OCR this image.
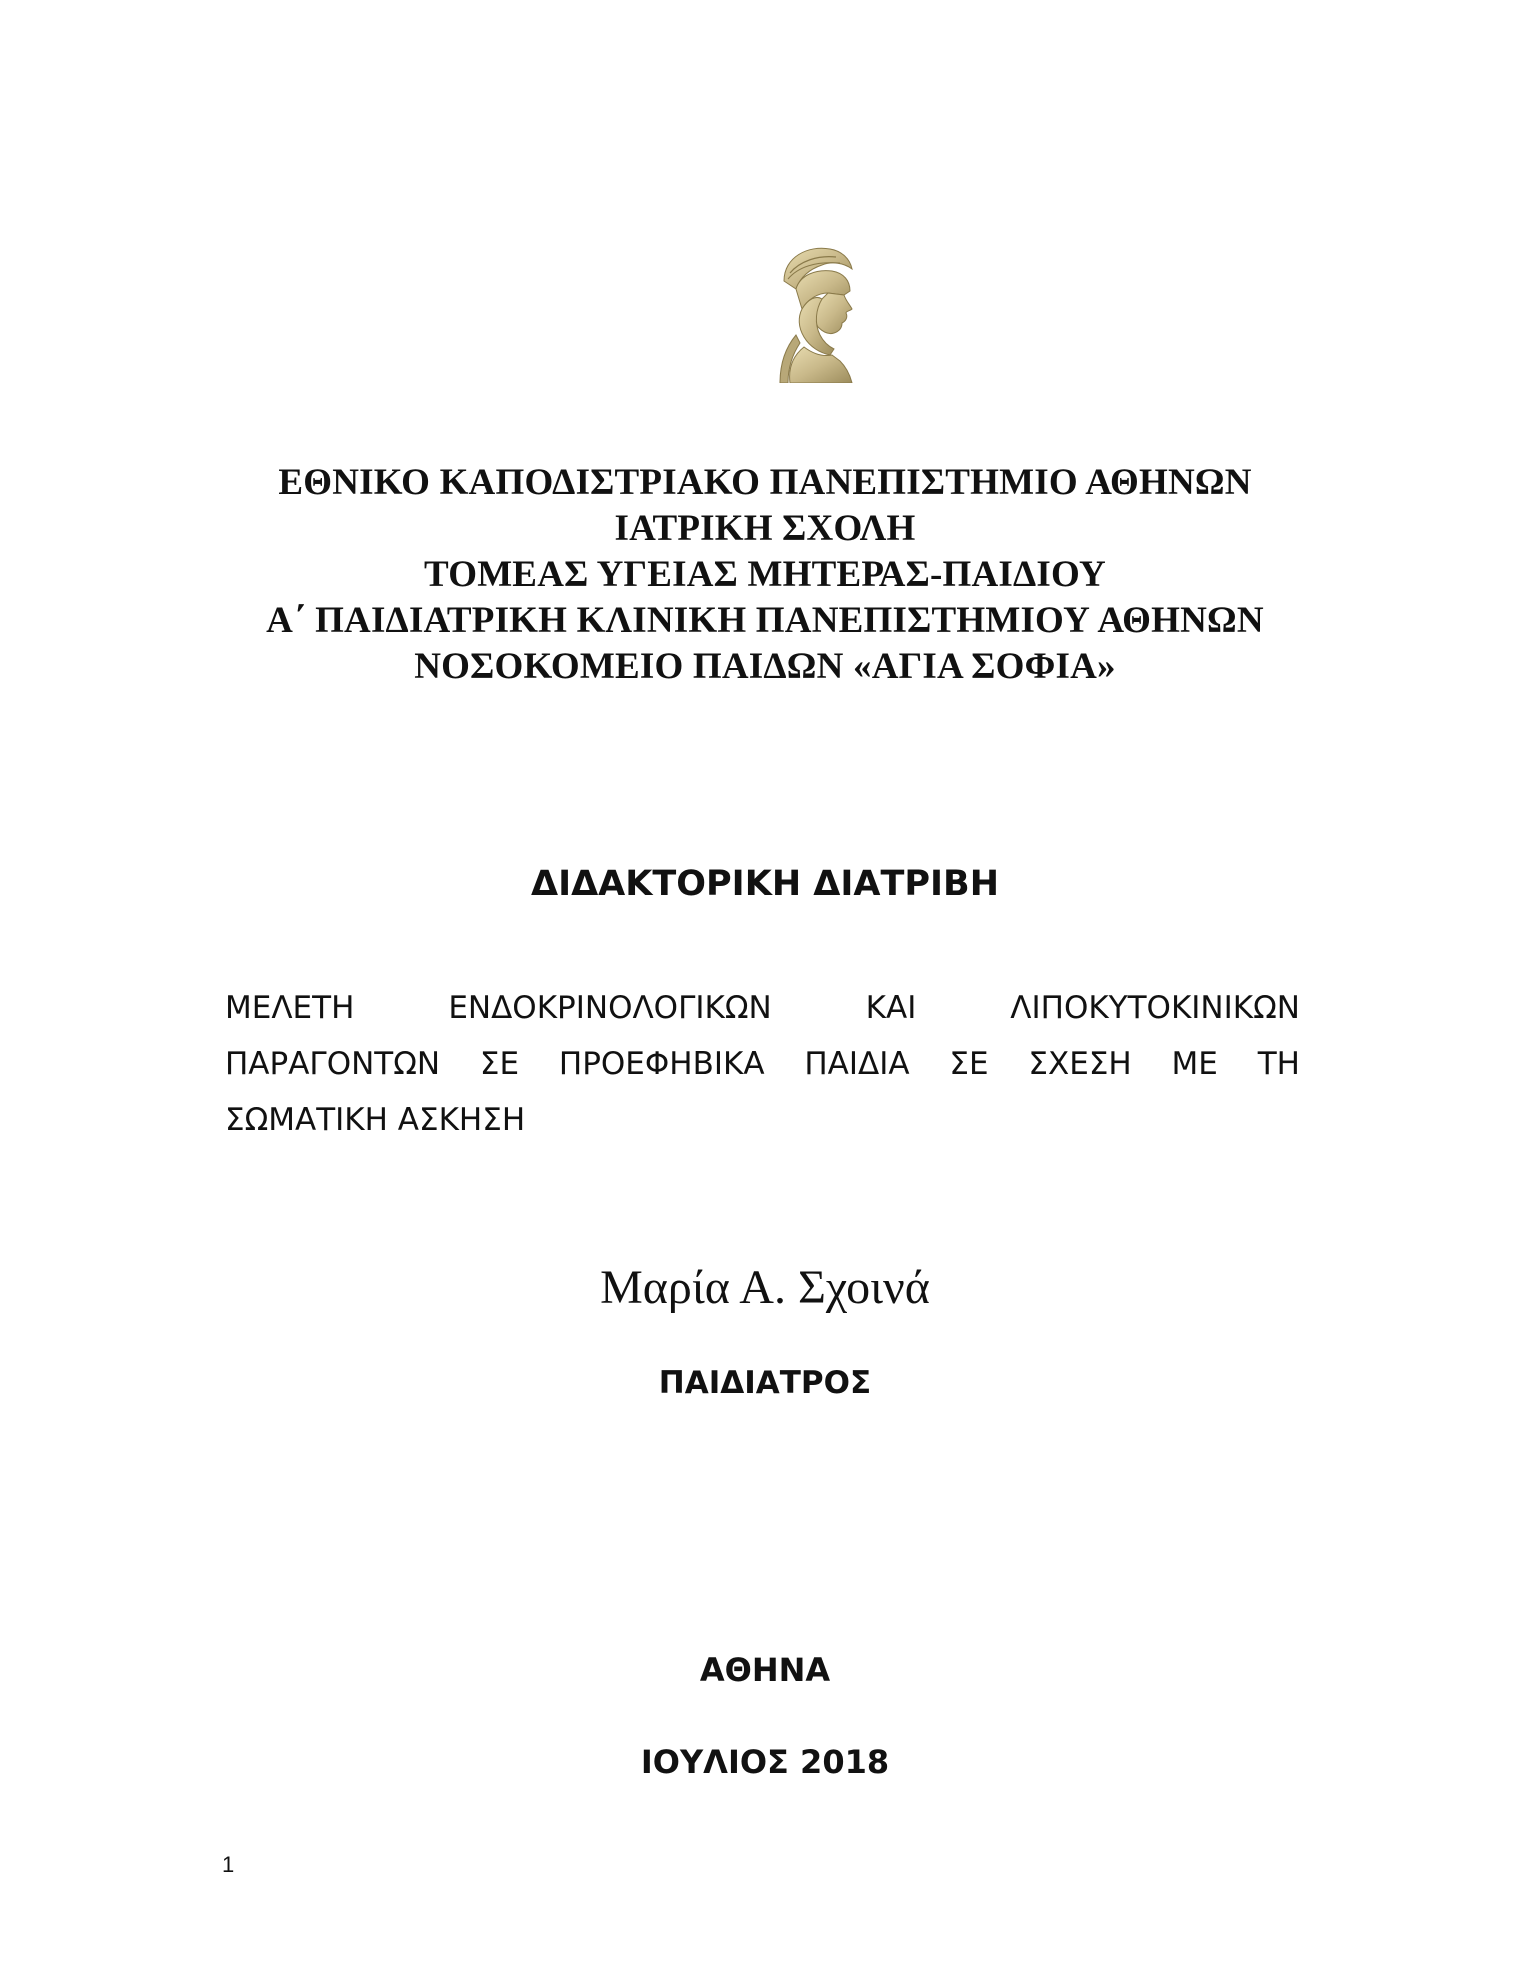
ΕΘΝΙΚΟ ΚΑΠΟΔΙΣΤΡΙΑΚΟ ΠΑΝΕΠΙΣΤΗΜΙΟ ΑΘΗΝΩΝ
ΙΑΤΡΙΚΗ ΣΧΟΛΗ
ΤΟΜΕΑΣ ΥΓΕΙΑΣ ΜΗΤΕΡΑΣ-ΠΑΙΔΙΟΥ
Α΄ ΠΑΙΔΙΑΤΡΙΚΗ ΚΛΙΝΙΚΗ ΠΑΝΕΠΙΣΤΗΜΙΟΥ ΑΘΗΝΩΝ
ΝΟΣΟΚΟΜΕΙΟ ΠΑΙΔΩΝ «ΑΓΙΑ ΣΟΦΙΑ»
ΔΙΔΑΚΤΟΡΙΚΗ ΔΙΑΤΡΙΒΗ
ΜΕΛΕΤΗ	ΕΝΔΟΚΡΙΝΟΛΟΓΙΚΩΝ	ΚΑΙ	ΛΙΠΟΚΥΤΟΚΙΝΙΚΩΝ
ΠΑΡΑΓΟΝΤΩΝ ΣΕ ΠΡΟΕΦΗΒΙΚΑ ΠΑΙΔΙΑ ΣΕ ΣΧΕΣΗ ΜΕ ΤΗ
ΣΩΜΑΤΙΚΗ ΑΣΚΗΣΗ
Μαρία Α. Σχοινά
ΠΑΙΔΙΑΤΡΟΣ
ΑΘΗΝΑ
ΙΟΥΛΙΟΣ 2018
1
